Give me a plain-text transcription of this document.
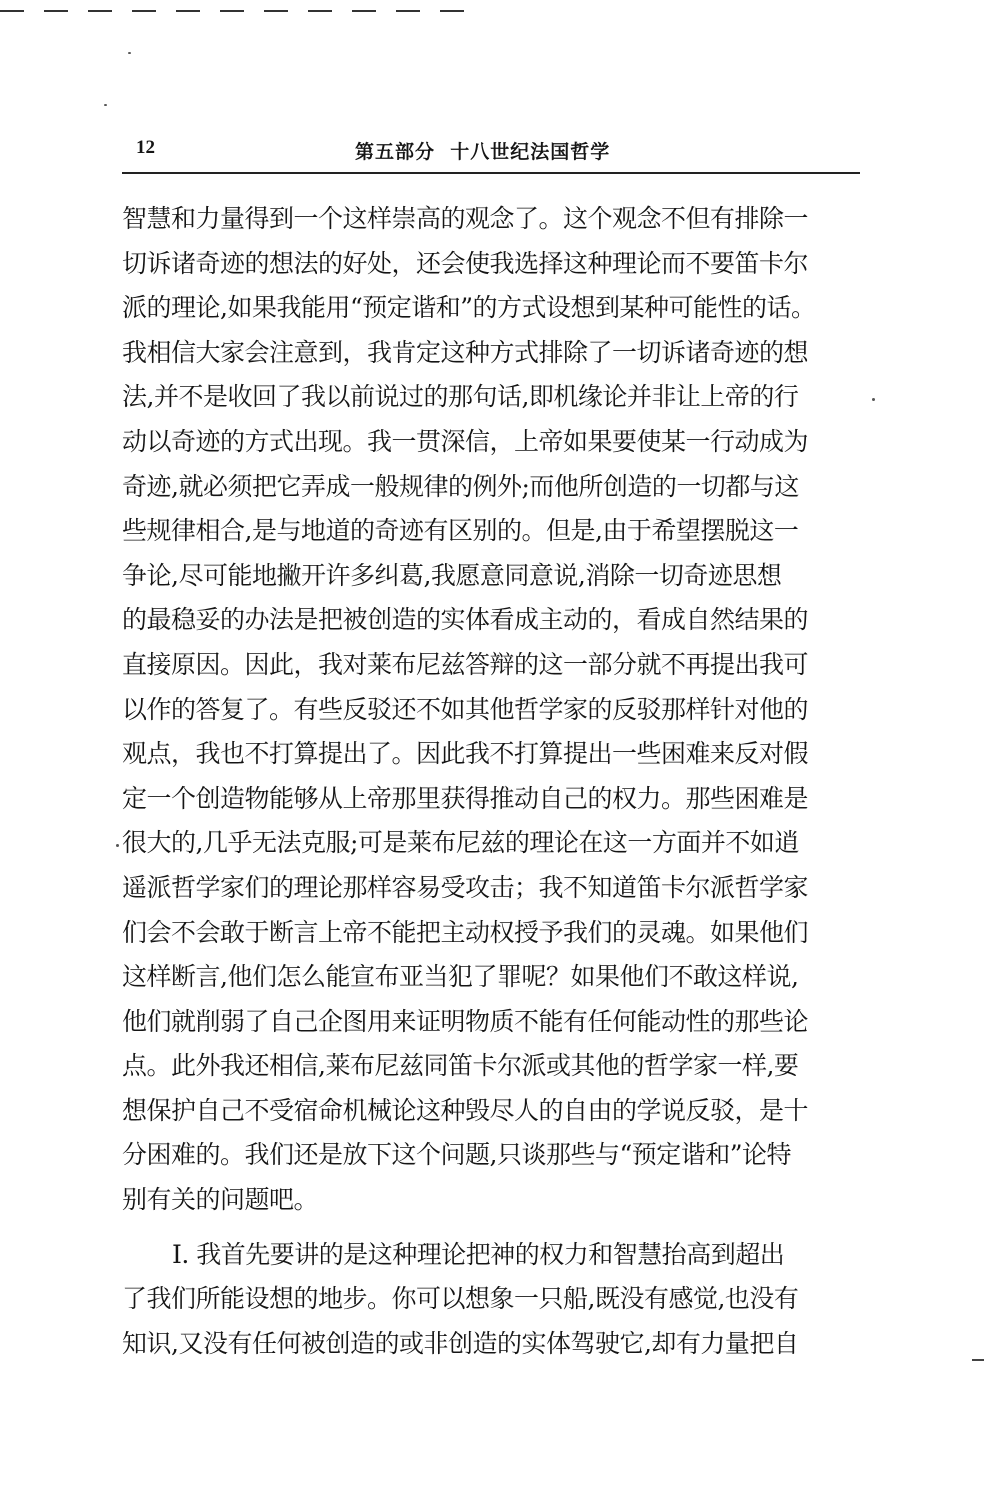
12	第五部分  十八世纪法国哲学
智慧和力量得到一个这样崇高的观念了。这个观念不但有排除一
切诉诸奇迹的想法的好处，还会使我选择这种理论而不要笛卡尔
派的理论,如果我能用“预定谐和”的方式设想到某种可能性的话。
我相信大家会注意到，我肯定这种方式排除了一切诉诸奇迹的想
法,并不是收回了我以前说过的那句话,即机缘论并非让上帝的行
动以奇迹的方式出现。我一贯深信，上帝如果要使某一行动成为
奇迹,就必须把它弄成一般规律的例外;而他所创造的一切都与这
些规律相合,是与地道的奇迹有区别的。但是,由于希望摆脱这一
争论,尽可能地撇开许多纠葛,我愿意同意说,消除一切奇迹思想
的最稳妥的办法是把被创造的实体看成主动的，看成自然结果的
直接原因。因此，我对莱布尼兹答辩的这一部分就不再提出我可
以作的答复了。有些反驳还不如其他哲学家的反驳那样针对他的
观点，我也不打算提出了。因此我不打算提出一些困难来反对假
定一个创造物能够从上帝那里获得推动自己的权力。那些困难是
很大的,几乎无法克服;可是莱布尼兹的理论在这一方面并不如逍
遥派哲学家们的理论那样容易受攻击；我不知道笛卡尔派哲学家
们会不会敢于断言上帝不能把主动权授予我们的灵魂。如果他们
这样断言,他们怎么能宣布亚当犯了罪呢？如果他们不敢这样说,
他们就削弱了自己企图用来证明物质不能有任何能动性的那些论
点。此外我还相信,莱布尼兹同笛卡尔派或其他的哲学家一样,要
想保护自己不受宿命机械论这种毁尽人的自由的学说反驳，是十
分困难的。我们还是放下这个问题,只谈那些与“预定谐和”论特
别有关的问题吧。
I. 我首先要讲的是这种理论把神的权力和智慧抬高到超出
了我们所能设想的地步。你可以想象一只船,既没有感觉,也没有
知识,又没有任何被创造的或非创造的实体驾驶它,却有力量把自
